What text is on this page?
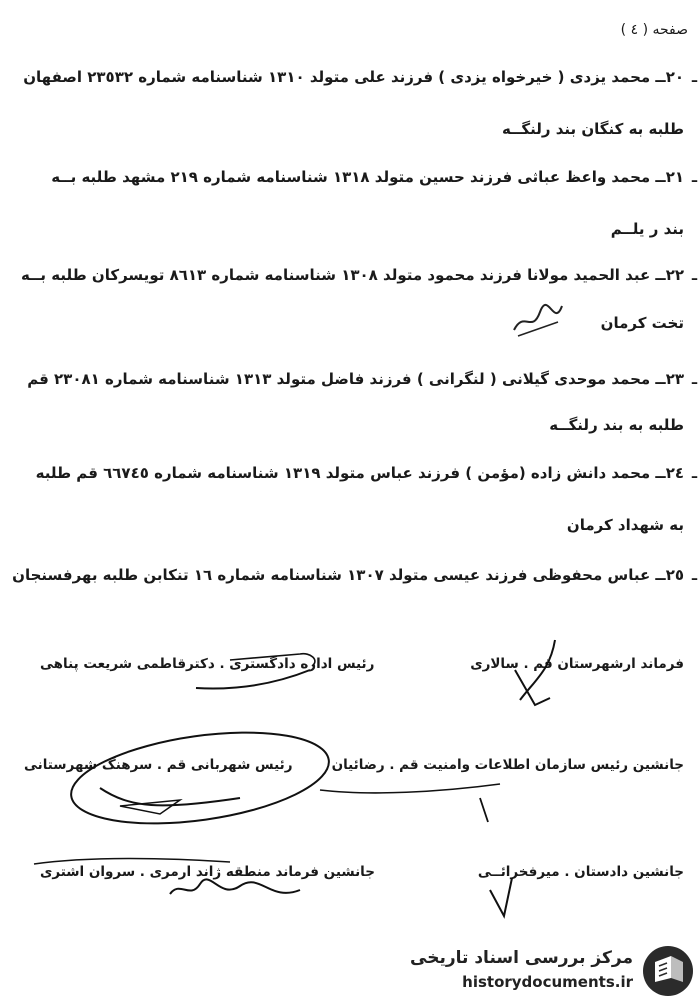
صفحه ( ٤ )
–
٢٠ــ محمد یزدی ( خیرخواه یزدی ) فرزند علی متولد ١٣١٠ شناسنامه شماره ٢٣٥٣٢ اصفهان
طلبه به کنگان بند رلنگــه
–
٢١ــ محمد واعظ عباثی فرزند حسین متولد ١٣١٨ شناسنامه شماره ٢١٩ مشهد طلبه بــه
بند ر یلــم
–
٢٢ــ عبد الحمید مولانا فرزند محمود متولد ١٣٠٨ شناسنامه شماره ٨٦١٣ تویسرکان طلبه بــه
تخت کرمان
–
٢٣ــ محمد موحدی گیلانی ( لنگرانی ) فرزند فاضل متولد ١٣١٣ شناسنامه شماره ٢٣٠٨١ قم
طلبه به بند رلنگــه
–
٢٤ــ محمد دانش زاده (مؤمن ) فرزند عباس متولد ١٣١٩ شناسنامه شماره ٦٦٧٤٥ قم طلبه
به شهداد کرمان
–
٢٥ــ عباس محفوظی فرزند عیسی متولد ١٣٠٧ شناسنامه شماره ١٦ تنکابن طلبه بهرفسنجان
فرماند ارشهرستان قم . سالاری
رئیس اداره دادگستری . دکترقاطمی شریعت پناهی
جانشین رئیس سازمان اطلاعات وامنیت قم . رضائیان
رئیس شهربانی قم . سرهنگ شهرستانی
جانشین دادستان . میرفخرائــی
جانشین فرماند منطقه ژاند ارمری . سروان اشتری
مرکز بررسی اسناد تاریخی
historydocuments.ir
